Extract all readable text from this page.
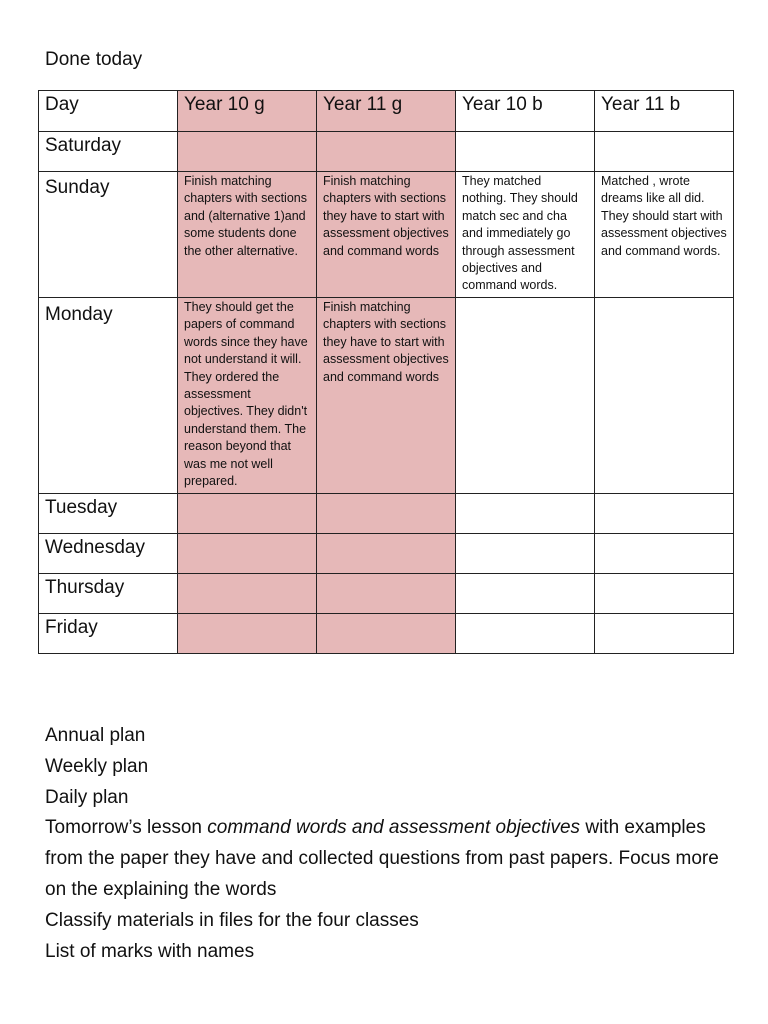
Done today
Day	Year 10 g	Year 11 g	Year 10 b	Year 11 b
Saturday				
Sunday	Finish matching chapters with sections and (alternative 1)and some students done the other alternative.	Finish matching chapters with sections they have to start with assessment objectives and command words	They matched nothing. They should match sec and cha and immediately go through assessment objectives and command words.	Matched , wrote dreams like all did. They should start with assessment objectives and command words.
Monday	They should get the papers of command words since they have not understand it will. They ordered the assessment objectives. They didn't understand them. The reason beyond that was me not well prepared.	Finish matching chapters with sections they have to start with assessment objectives and command words		
Tuesday				
Wednesday				
Thursday				
Friday				
Annual plan
Weekly plan
Daily plan
Tomorrow’s lesson command words and assessment objectives with examples from the paper they have and collected questions from past papers. Focus more on the explaining the words
Classify materials in files for the four classes
List of marks with names
